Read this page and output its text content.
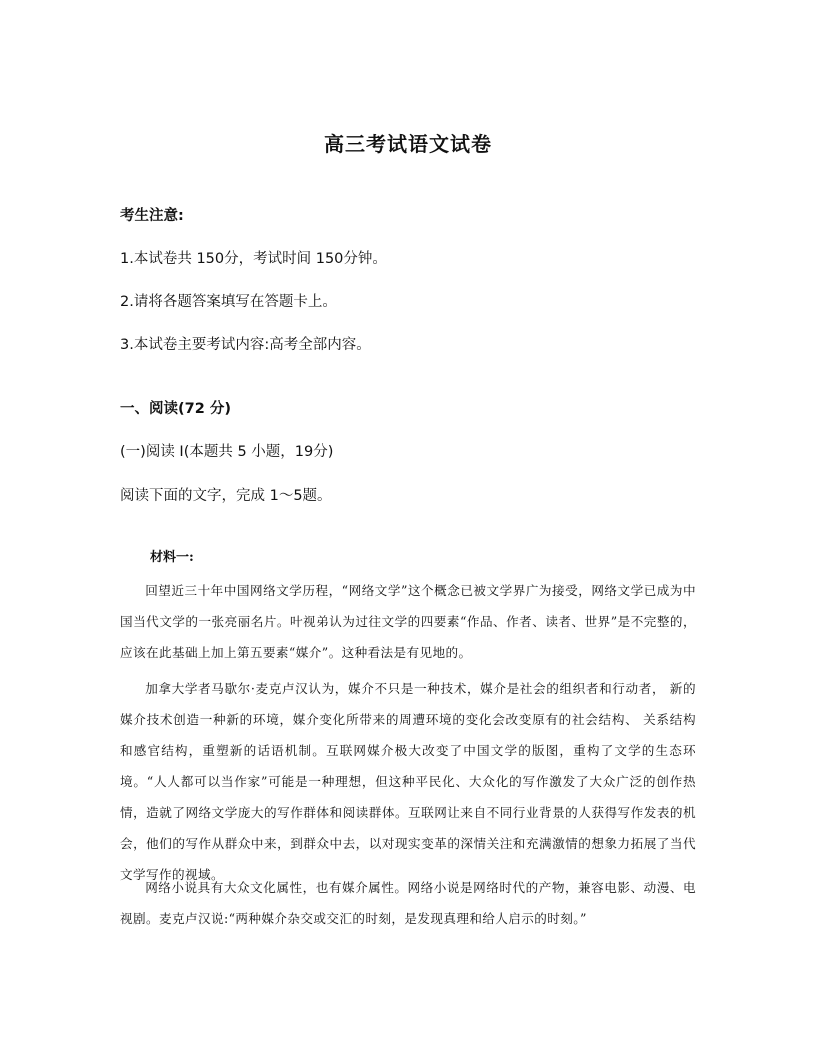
高三考试语文试卷
考生注意:
1.本试卷共 150分，考试时间 150分钟。
2.请将各题答案填写在答题卡上。
3.本试卷主要考试内容:高考全部内容。
一、阅读(72 分)
(一)阅读 I(本题共 5 小题，19分)
阅读下面的文字，完成 1～5题。
材料一:
回望近三十年中国网络文学历程，“网络文学”这个概念已被文学界广为接受，网络文学已成为中国当代文学的一张亮丽名片。叶视弟认为过往文学的四要素“作品、作者、读者、世界”是不完整的，应该在此基础上加上第五要素“媒介”。这种看法是有见地的。
加拿大学者马歇尔·麦克卢汉认为，媒介不只是一种技术，媒介是社会的组织者和行动者， 新的媒介技术创造一种新的环境，媒介变化所带来的周遭环境的变化会改变原有的社会结构、 关系结构和感官结构，重塑新的话语机制。互联网媒介极大改变了中国文学的版图，重构了文学的生态环境。“人人都可以当作家”可能是一种理想，但这种平民化、大众化的写作激发了大众广泛的创作热情，造就了网络文学庞大的写作群体和阅读群体。互联网让来自不同行业背景的人获得写作发表的机会，他们的写作从群众中来，到群众中去，以对现实变革的深情关注和充满激情的想象力拓展了当代文学写作的视域。
网络小说具有大众文化属性，也有媒介属性。网络小说是网络时代的产物，兼容电影、动漫、电视剧。麦克卢汉说:“两种媒介杂交或交汇的时刻，是发现真理和给人启示的时刻。”
